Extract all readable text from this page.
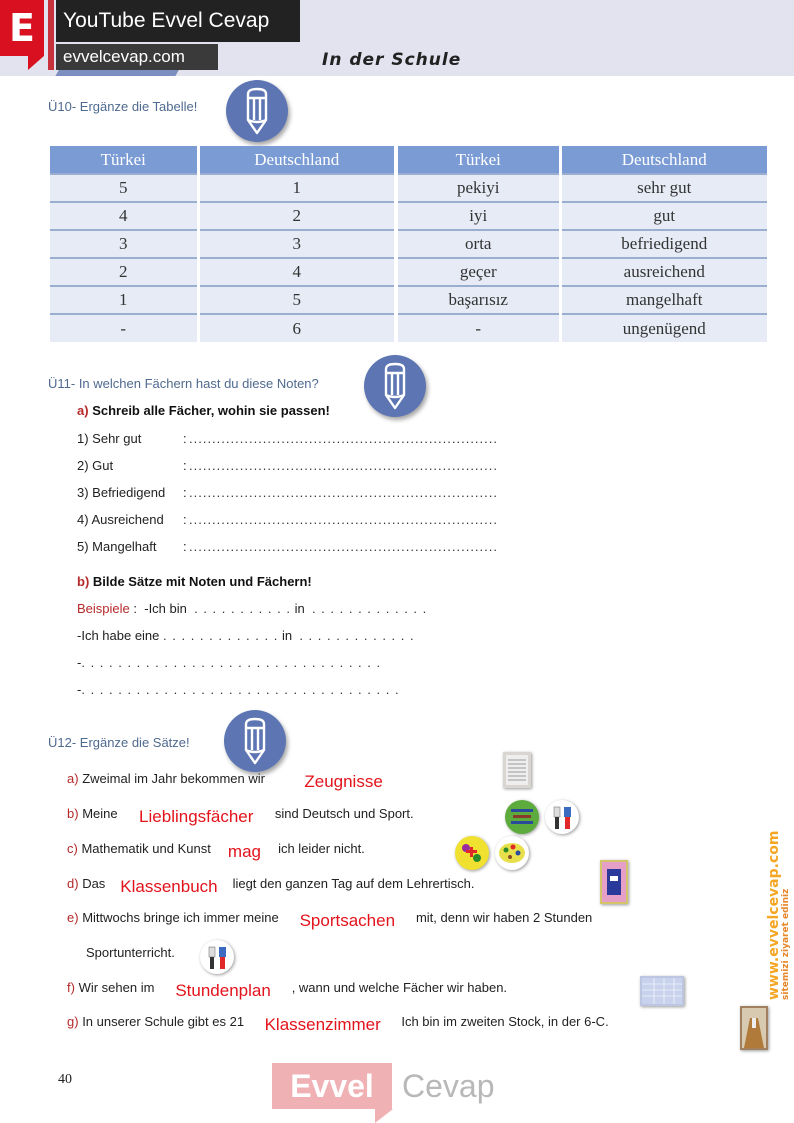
E	YouTube Evvel Cevap
evvelcevap.com	In der Schule
Ü10- Ergänze die Tabelle!
Türkei	Deutschland	Türkei	Deutschland
5	1	pekiyi	sehr gut
4	2	iyi	gut
3	3	orta	befriedigend
2	4	geçer	ausreichend
1	5	başarısız	mangelhaft
-	6	-	ungenügend
Ü11- In welchen Fächern hast du diese Noten?
a) Schreib alle Fächer, wohin sie passen!
1) Sehr gut	: ...................................................................
2) Gut	: ...................................................................
3) Befriedigend : ...................................................................
4) Ausreichend : ...................................................................
5) Mangelhaft : ...................................................................
b) Bilde Sätze mit Noten und Fächern!
Beispiele : -Ich bin . . . . . . . . . . . in . . . . . . . . . . . . .
-Ich habe eine . . . . . . . . . . . . . in . . . . . . . . . . . . .
-. . . . . . . . . . . . . . . . . . . . . . . . . . . . . . . . .
-. . . . . . . . . . . . . . . . . . . . . . . . . . . . . . . . . . .
Ü12- Ergänze die Sätze!
a) Zweimal im Jahr bekommen wir Zeugnisse
b) Meine Lieblingsfächer sind Deutsch und Sport.
c) Mathematik und Kunst mag ich leider nicht.
d) Das Klassenbuch liegt den ganzen Tag auf dem Lehrertisch.
e) Mittwochs bringe ich immer meine Sportsachen mit, denn wir haben 2 Stunden
Sportunterricht.
f) Wir sehen im Stundenplan , wann und welche Fächer wir haben.
g) In unserer Schule gibt es 21 Klassenzimmer Ich bin im zweiten Stock, in der 6-C.
40	Evvel Cevap
www.evvelcevap.com sitemizi ziyaret ediniz
